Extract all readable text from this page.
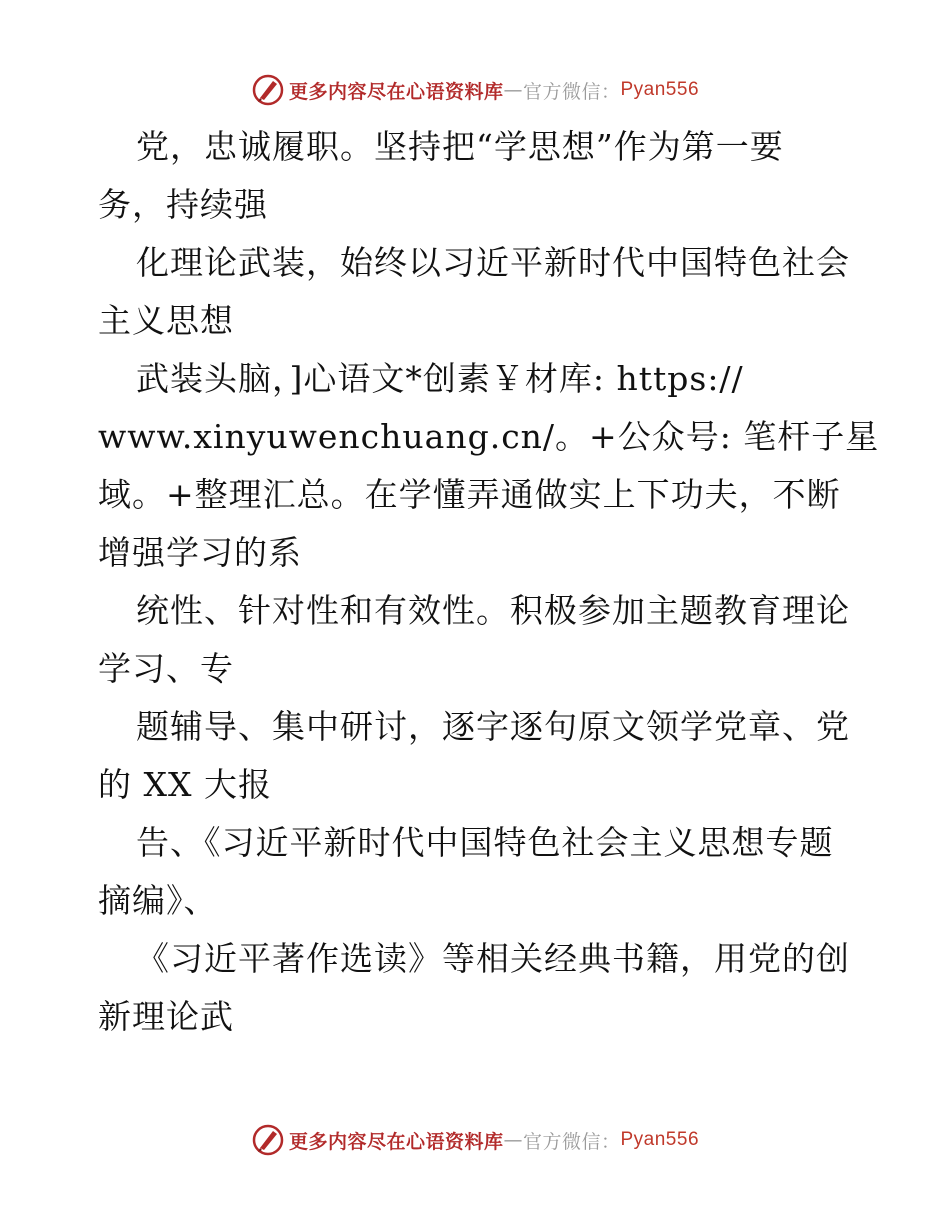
更多内容尽在心语资料库 — 官方微信： Pyan556
党，忠诚履职。坚持把“学思想”作为第一要
务，持续强
化理论武装，始终以习近平新时代中国特色社会
主义思想
武装头脑，]心语文*创素￥材库: https://
www.xinyuwenchuang.cn/。+公众号: 笔杆子星
域。+整理汇总。在学懂弄通做实上下功夫，不断
增强学习的系
统性、针对性和有效性。积极参加主题教育理论
学习、专
题辅导、集中研讨，逐字逐句原文领学党章、党
的 XX 大报
告、《习近平新时代中国特色社会主义思想专题
摘编》、
《习近平著作选读》等相关经典书籍，用党的创
新理论武
更多内容尽在心语资料库 — 官方微信： Pyan556
